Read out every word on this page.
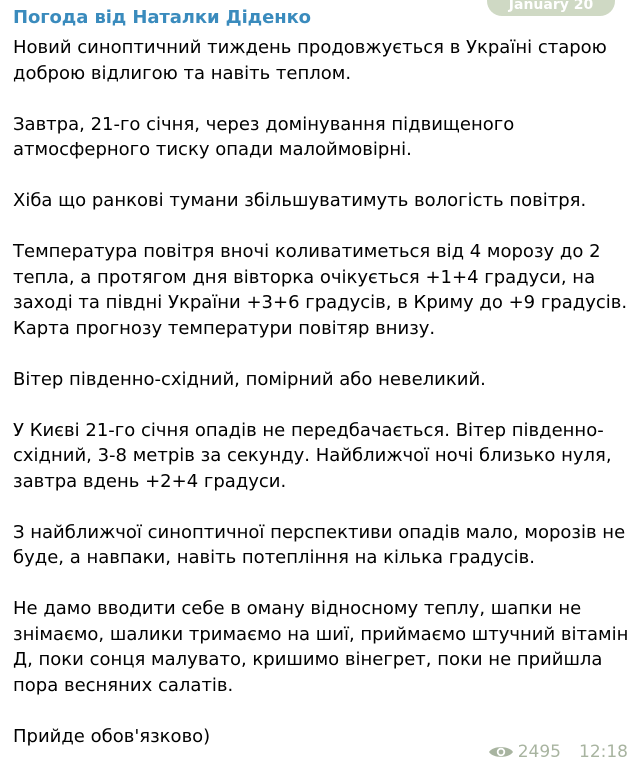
January 20
Погода від Наталки Діденко

Новий синоптичний тиждень продовжується в Україні старою
доброю відлигою та навіть теплом.

Завтра, 21-го січня, через домінування підвищеного
атмосферного тиску опади малоймовірні.

Хіба що ранкові тумани збільшуватимуть вологість повітря.

Температура повітря вночі коливатиметься від 4 морозу до 2
тепла, а протягом дня вівторка очікується +1+4 градуси, на
заході та півдні України +3+6 градусів, в Криму до +9 градусів.
Карта прогнозу температури повітяр внизу.

Вітер південно-східний, помірний або невеликий.

У Києві 21-го січня опадів не передбачається. Вітер південно-
східний, 3-8 метрів за секунду. Найближчої ночі близько нуля,
завтра вдень +2+4 градуси.

З найближчої синоптичної перспективи опадів мало, морозів не
буде, а навпаки, навіть потепління на кілька градусів.

Не дамо вводити себе в оману відносному теплу, шапки не
знімаємо, шалики тримаємо на шиї, приймаємо штучний вітамін
Д, поки сонця малувато, кришимо вінегрет, поки не прийшла
пора весняних салатів.

Прийде обов'язково)

2495 12:18
